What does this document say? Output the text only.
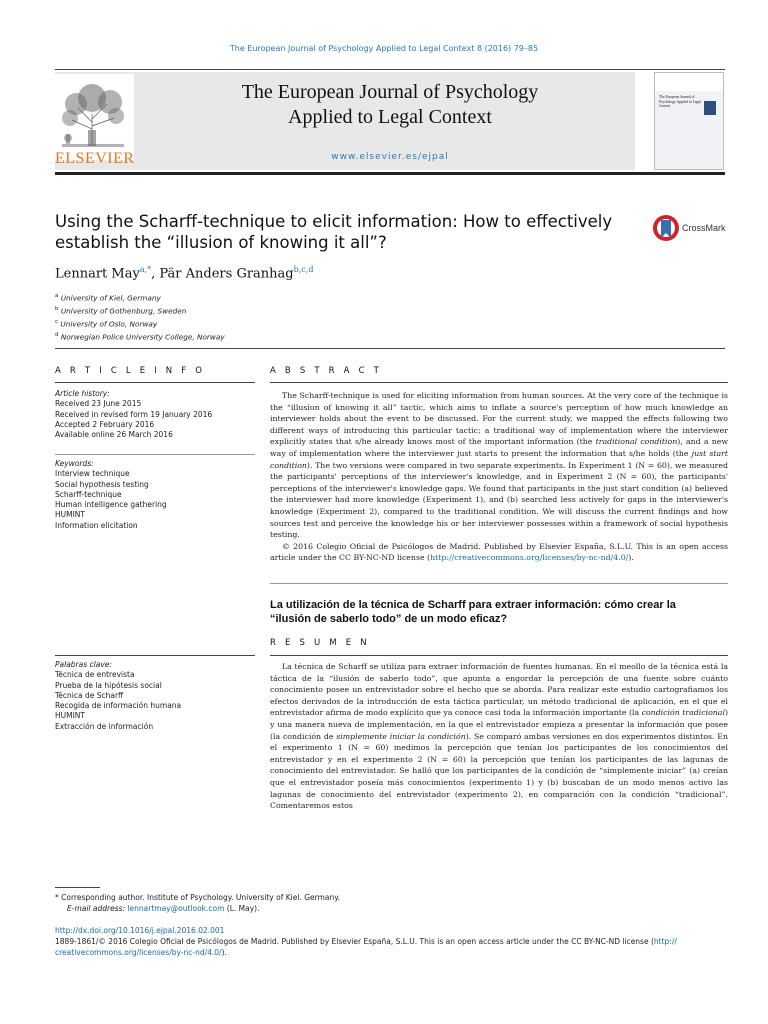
The European Journal of Psychology Applied to Legal Context 8 (2016) 79–85
ELSEVIER
The European Journal of Psychology
Applied to Legal Context
www.elsevier.es/ejpal
The European Journal of Psychology Applied to Legal Context
Using the Scharff-technique to elicit information: How to effectively
establish the “illusion of knowing it all”?
CrossMark
Lennart May$^{a,*}$, Pär Anders Granhag$^{b,c,d}$
$^a$ University of Kiel, Germany
$^b$ University of Gothenburg, Sweden
$^c$ University of Oslo, Norway
$^d$ Norwegian Police University College, Norway
A R T I C L E I N F O
Article history:
Received 23 June 2015
Received in revised form 19 January 2016
Accepted 2 February 2016
Available online 26 March 2016
Keywords:
Interview technique
Social hypothesis testing
Scharff-technique
Human intelligence gathering
HUMINT
Information elicitation
A B S T R A C T

The Scharff-technique is used for eliciting information from human sources. At the very core of the technique is the “illusion of knowing it all” tactic, which aims to inflate a source's perception of how much knowledge an interviewer holds about the event to be discussed. For the current study, we mapped the effects following two different ways of introducing this particular tactic; a traditional way of implementation where the interviewer explicitly states that s/he already knows most of the important information (the traditional condition), and a new way of implementation where the interviewer just starts to present the information that s/he holds (the just start condition). The two versions were compared in two separate experiments. In Experiment 1 (N = 60), we measured the participants' perceptions of the interviewer's knowledge, and in Experiment 2 (N = 60), the participants' perceptions of the interviewer's knowledge gaps. We found that participants in the just start condition (a) believed the interviewer had more knowledge (Experiment 1), and (b) searched less actively for gaps in the interviewer's knowledge (Experiment 2), compared to the traditional condition. We will discuss the current findings and how sources test and perceive the knowledge his or her interviewer possesses within a framework of social hypothesis testing.

© 2016 Colegio Oficial de Psicólogos de Madrid. Published by Elsevier España, S.L.U. This is an open access article under the CC BY-NC-ND license (http://creativecommons.org/licenses/by-nc-nd/4.0/).

La utilización de la técnica de Scharff para extraer información: cómo crear la
“ilusión de saberlo todo” de un modo eficaz?
Palabras clave:
Técnica de entrevista
Prueba de la hipótesis social
Técnica de Scharff
Recogida de información humana
HUMINT
Extracción de información
R E S U M E N

La técnica de Scharff se utiliza para extraer información de fuentes humanas. En el meollo de la técnica está la táctica de la “ilusión de saberlo todo”, que apunta a engordar la percepción de una fuente sobre cuánto conocimiento posee un entrevistador sobre el hecho que se aborda. Para realizar este estudio cartografiamos los efectos derivados de la introducción de esta táctica particular, un método tradicional de aplicación, en el que el entrevistador afirma de modo explícito que ya conoce casi toda la información importante (la condición tradicional) y una manera nueva de implementación, en la que el entrevistador empieza a presentar la información que posee (la condición de simplemente iniciar la condición). Se comparó ambas versiones en dos experimentos distintos. En el experimento 1 (N = 60) medimos la percepción que tenían los participantes de los conocimientos del entrevistador y en el experimento 2 (N = 60) la percepción que tenían los participantes de las lagunas de conocimiento del entrevistador. Se halló que los participantes de la condición de “simplemente iniciar” (a) creían que el entrevistador poseía más conocimientos (experimento 1) y (b) buscaban de un modo menos activo las lagunas de conocimiento del entrevistador (experimento 2), en comparación con la condición “tradicional”. Comentaremos estos

* Corresponding author. Institute of Psychology. University of Kiel. Germany.
E-mail address: lennartmay@outlook.com (L. May).
http://dx.doi.org/10.1016/j.ejpal.2016.02.001
1889-1861/© 2016 Colegio Oficial de Psicólogos de Madrid. Published by Elsevier España, S.L.U. This is an open access article under the CC BY-NC-ND license (http://
creativecommons.org/licenses/by-nc-nd/4.0/).
